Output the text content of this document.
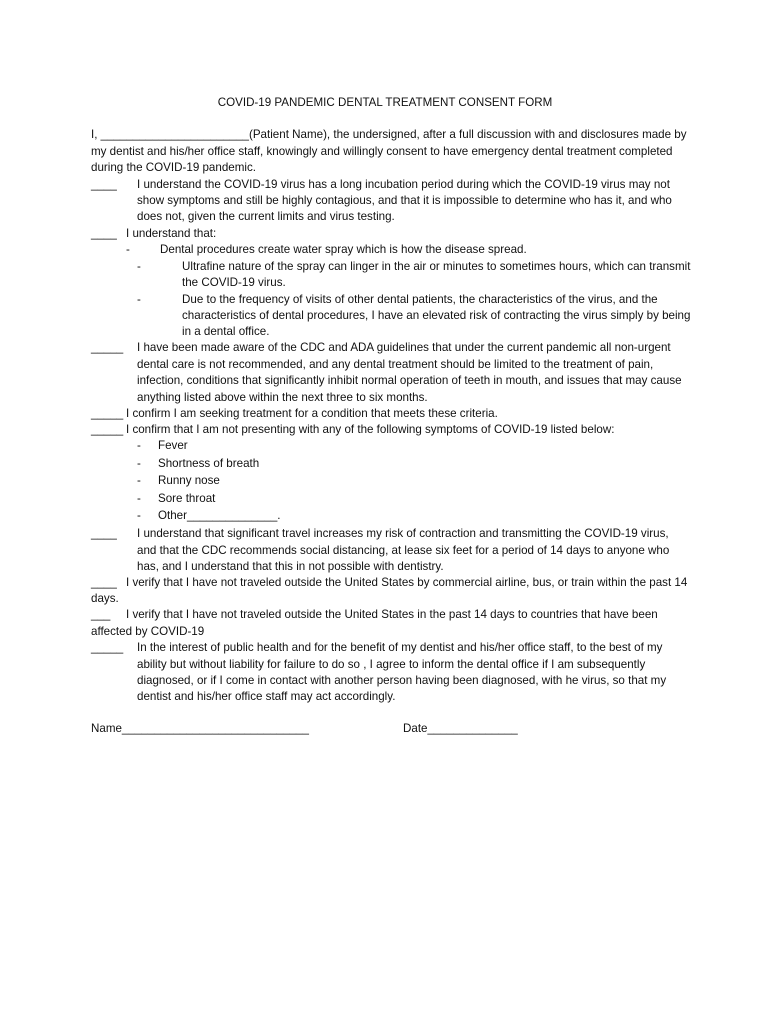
COVID-19 PANDEMIC DENTAL TREATMENT CONSENT FORM
I, _______________________(Patient Name), the undersigned, after a full discussion with and disclosures made by
my dentist and his/her office staff, knowingly and willingly consent to have emergency dental treatment completed
during the COVID-19 pandemic.
____ I understand the COVID-19 virus has a long incubation period during which the COVID-19 virus may not
show symptoms and still be highly contagious, and that it is impossible to determine who has it, and who
does not, given the current limits and virus testing.
____ I understand that:
-	Dental procedures create water spray which is how the disease spread.
-	Ultrafine nature of the spray can linger in the air or minutes to sometimes hours, which can transmit
the COVID-19 virus.
-	Due to the frequency of visits of other dental patients, the characteristics of the virus, and the
characteristics of dental procedures, I have an elevated risk of contracting the virus simply by being
in a dental office.
_____ I have been made aware of the CDC and ADA guidelines that under the current pandemic all non-urgent
dental care is not recommended, and any dental treatment should be limited to the treatment of pain,
infection, conditions that significantly inhibit normal operation of teeth in mouth, and issues that may cause
anything listed above within the next three to six months.
_____ I confirm I am seeking treatment for a condition that meets these criteria.
_____ I confirm that I am not presenting with any of the following symptoms of COVID-19 listed below:
- Fever
- Shortness of breath
- Runny nose
- Sore throat
- Other______________.
____ I understand that significant travel increases my risk of contraction and transmitting the COVID-19 virus,
and that the CDC recommends social distancing, at lease six feet for a period of 14 days to anyone who
has, and I understand that this in not possible with dentistry.
____ I verify that I have not traveled outside the United States by commercial airline, bus, or train within the past 14
days.
___ I verify that I have not traveled outside the United States in the past 14 days to countries that have been
affected by COVID-19
_____ In the interest of public health and for the benefit of my dentist and his/her office staff, to the best of my
ability but without liability for failure to do so , I agree to inform the dental office if I am subsequently
diagnosed, or if I come in contact with another person having been diagnosed, with he virus, so that my
dentist and his/her office staff may act accordingly.
Name_____________________________	Date______________
